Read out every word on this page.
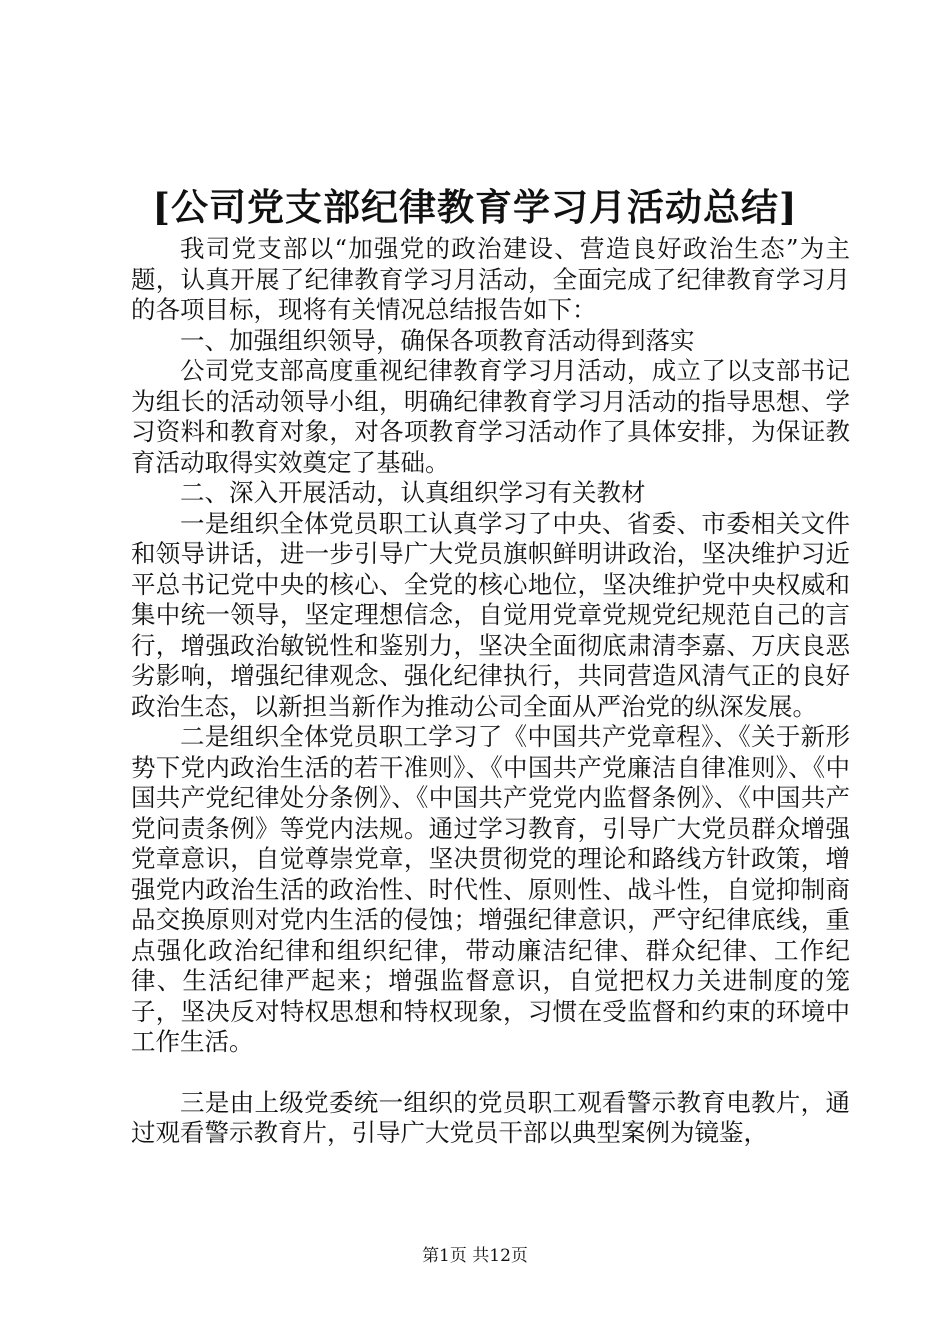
[公司党支部纪律教育学习月活动总结]

我司党支部以“加强党的政治建设、营造良好政治生态”为主题，认真开展了纪律教育学习月活动，全面完成了纪律教育学习月的各项目标，现将有关情况总结报告如下：

一、加强组织领导，确保各项教育活动得到落实

公司党支部高度重视纪律教育学习月活动，成立了以支部书记为组长的活动领导小组，明确纪律教育学习月活动的指导思想、学习资料和教育对象，对各项教育学习活动作了具体安排，为保证教育活动取得实效奠定了基础。

二、深入开展活动，认真组织学习有关教材

一是组织全体党员职工认真学习了中央、省委、市委相关文件和领导讲话，进一步引导广大党员旗帜鲜明讲政治，坚决维护习近平总书记党中央的核心、全党的核心地位，坚决维护党中央权威和集中统一领导，坚定理想信念，自觉用党章党规党纪规范自己的言行，增强政治敏锐性和鉴别力，坚决全面彻底肃清李嘉、万庆良恶劣影响，增强纪律观念、强化纪律执行，共同营造风清气正的良好政治生态，以新担当新作为推动公司全面从严治党的纵深发展。

二是组织全体党员职工学习了《中国共产党章程》、《关于新形势下党内政治生活的若干准则》、《中国共产党廉洁自律准则》、《中国共产党纪律处分条例》、《中国共产党党内监督条例》、《中国共产党问责条例》等党内法规。通过学习教育，引导广大党员群众增强党章意识，自觉尊崇党章，坚决贯彻党的理论和路线方针政策，增强党内政治生活的政治性、时代性、原则性、战斗性，自觉抑制商品交换原则对党内生活的侵蚀；增强纪律意识，严守纪律底线，重点强化政治纪律和组织纪律，带动廉洁纪律、群众纪律、工作纪律、生活纪律严起来；增强监督意识，自觉把权力关进制度的笼子，坚决反对特权思想和特权现象，习惯在受监督和约束的环境中工作生活。

三是由上级党委统一组织的党员职工观看警示教育电教片，通过观看警示教育片，引导广大党员干部以典型案例为镜鉴，

第1页 共12页
